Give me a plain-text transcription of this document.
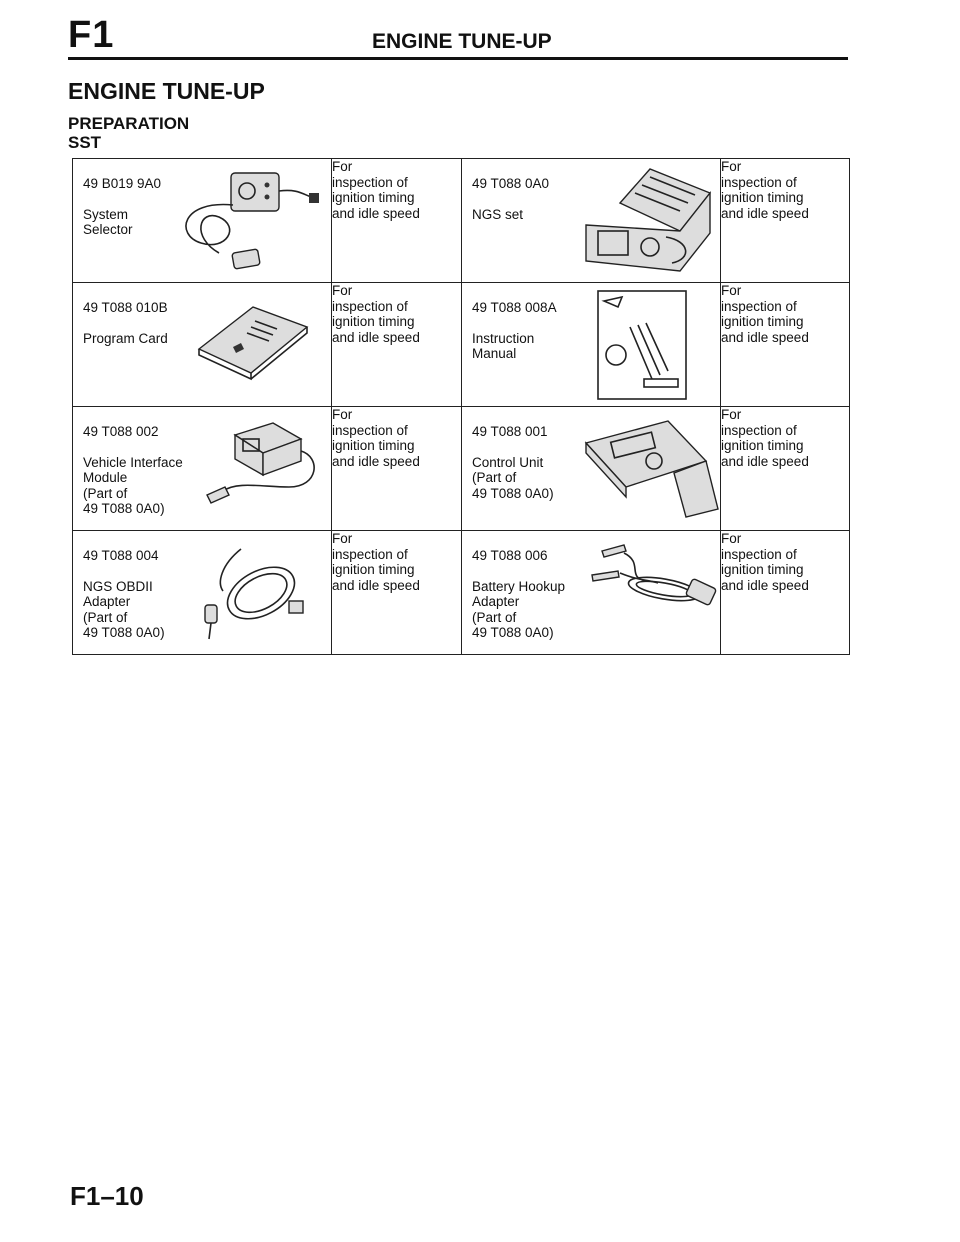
F1	ENGINE TUNE-UP
ENGINE TUNE-UP
PREPARATION
SST
49 B019 9A0
System
Selector	For
inspection of
ignition timing
and idle speed	49 T088 0A0
NGS set	For
inspection of
ignition timing
and idle speed

49 T088 010B
Program Card	For
inspection of
ignition timing
and idle speed	49 T088 008A
Instruction
Manual	For
inspection of
ignition timing
and idle speed

49 T088 002
Vehicle Interface
Module
(Part of
49 T088 0A0)	For
inspection of
ignition timing
and idle speed	49 T088 001
Control Unit
(Part of
49 T088 0A0)	For
inspection of
ignition timing
and idle speed

49 T088 004
NGS OBDII
Adapter
(Part of
49 T088 0A0)	For
inspection of
ignition timing
and idle speed	49 T088 006
Battery Hookup
Adapter
(Part of
49 T088 0A0)	For
inspection of
ignition timing
and idle speed
F1–10
